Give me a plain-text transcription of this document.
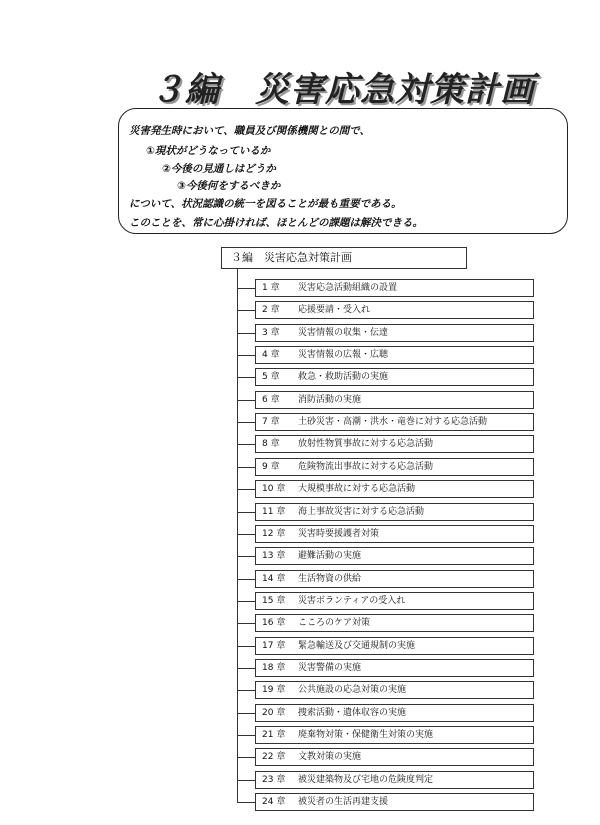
３編　災害応急対策計画
災害発生時において、職員及び関係機関との間で、
①現状がどうなっているか
②今後の見通しはどうか
③今後何をするべきか
について、状況認識の統一を図ることが最も重要である。
このことを、常に心掛ければ、ほとんどの課題は解決できる。
３編　災害応急対策計画
1 章 災害応急活動組織の設置
2 章 応援要請・受入れ
3 章 災害情報の収集・伝達
4 章 災害情報の広報・広聴
5 章 救急・救助活動の実施
6 章 消防活動の実施
7 章 土砂災害・高潮・洪水・竜巻に対する応急活動
8 章 放射性物質事故に対する応急活動
9 章 危険物流出事故に対する応急活動
10 章 大規模事故に対する応急活動
11 章 海上事故災害に対する応急活動
12 章 災害時要援護者対策
13 章 避難活動の実施
14 章 生活物資の供給
15 章 災害ボランティアの受入れ
16 章 こころのケア対策
17 章 緊急輸送及び交通規制の実施
18 章 災害警備の実施
19 章 公共施設の応急対策の実施
20 章 捜索活動・遺体収容の実施
21 章 廃棄物対策・保健衛生対策の実施
22 章 文教対策の実施
23 章 被災建築物及び宅地の危険度判定
24 章 被災者の生活再建支援
